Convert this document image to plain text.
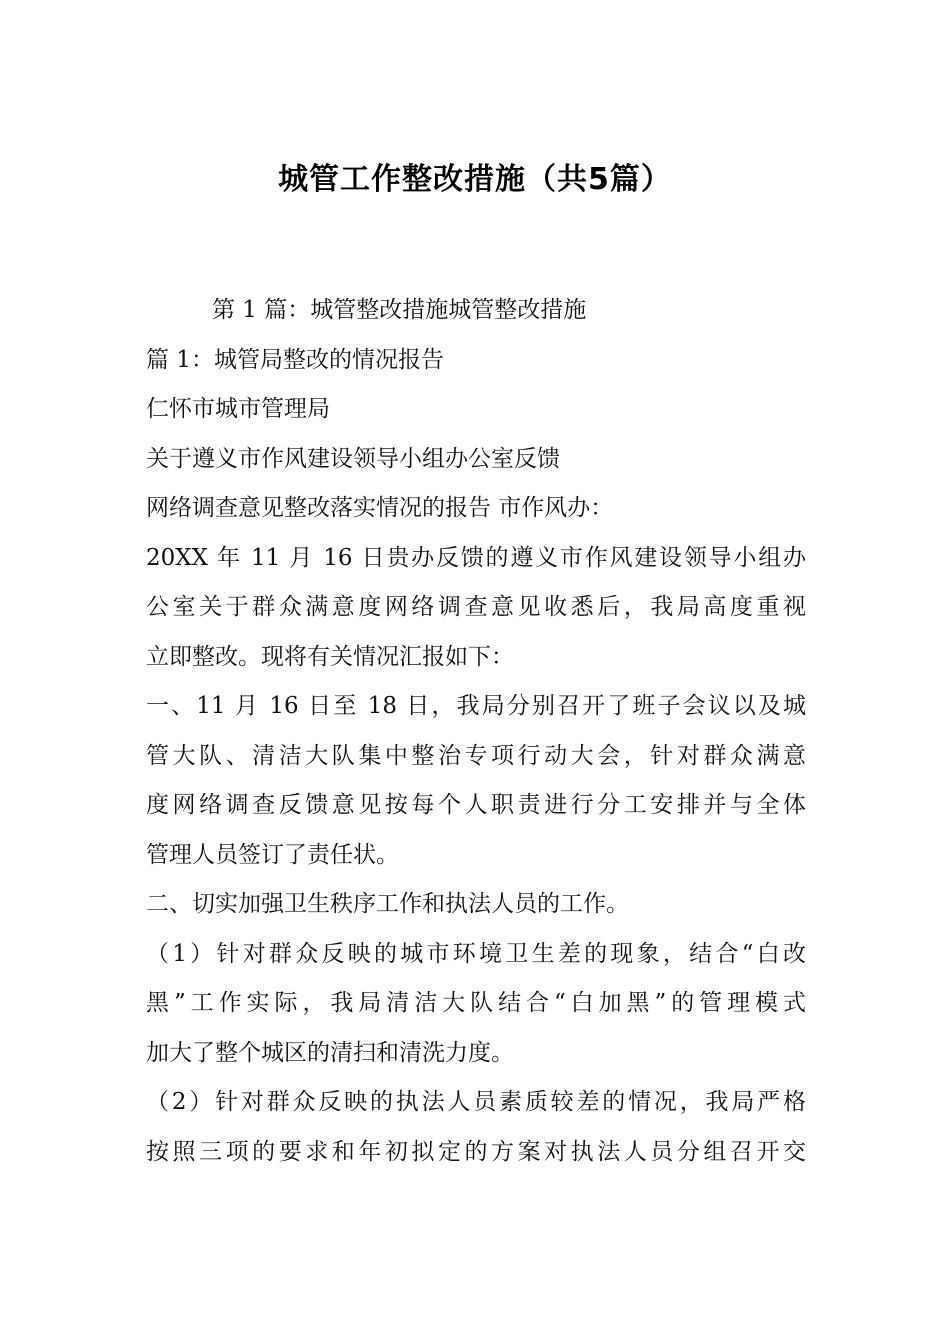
城管工作整改措施（共5篇）
第 1 篇：城管整改措施城管整改措施
篇 1：城管局整改的情况报告
仁怀市城市管理局
关于遵义市作风建设领导小组办公室反馈
网络调查意见整改落实情况的报告 市作风办：
20XX 年 11 月 16 日贵办反馈的遵义市作风建设领导小组办
公室关于群众满意度网络调查意见收悉后，我局高度重视
立即整改。现将有关情况汇报如下：
一、11 月 16 日至 18 日，我局分别召开了班子会议以及城
管大队、清洁大队集中整治专项行动大会，针对群众满意
度网络调查反馈意见按每个人职责进行分工安排并与全体
管理人员签订了责任状。
二、切实加强卫生秩序工作和执法人员的工作。
（1）针对群众反映的城市环境卫生差的现象，结合“白改
黑”工作实际，我局清洁大队结合“白加黑”的管理模式
加大了整个城区的清扫和清洗力度。
（2）针对群众反映的执法人员素质较差的情况，我局严格
按照三项的要求和年初拟定的方案对执法人员分组召开交
